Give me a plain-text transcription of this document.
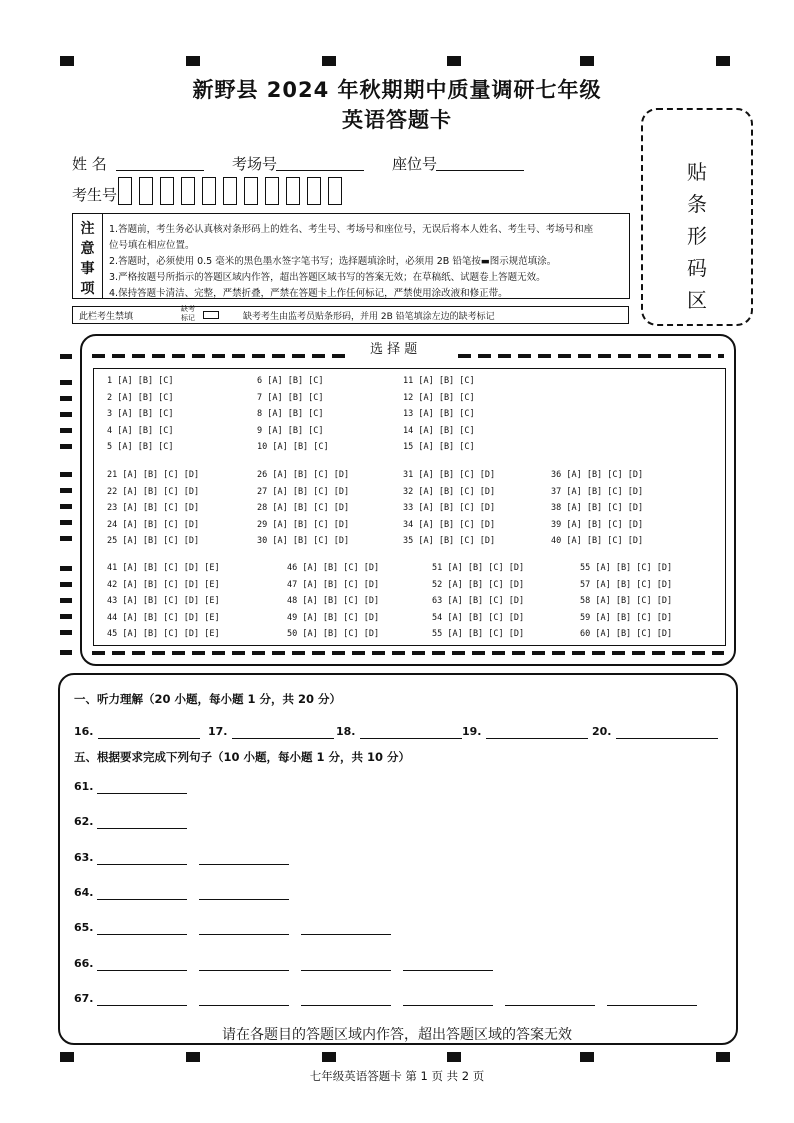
新野县 2024 年秋期期中质量调研七年级
英语答题卡
姓 名	考场号	座位号
考生号
注
意
事
项
1.答题前，考生务必认真核对条形码上的姓名、考生号、考场号和座位号，无误后将本人姓名、考生号、考场号和座
位号填在相应位置。
2.答题时，必须使用 0.5 毫米的黑色墨水签字笔书写；选择题填涂时，必须用 2B 铅笔按▬图示规范填涂。
3.严格按题号所指示的答题区域内作答，超出答题区域书写的答案无效；在草稿纸、试题卷上答题无效。
4.保持答题卡清洁、完整，严禁折叠，严禁在答题卡上作任何标记，严禁使用涂改液和修正带。
贴
条
形
码
区
此栏考生禁填
缺考
标记	缺考考生由监考员贴条形码，并用 2B 铅笔填涂左边的缺考标记
选 择 题
1 [A] [B] [C]	6 [A] [B] [C]	11 [A] [B] [C]
2 [A] [B] [C]	7 [A] [B] [C]	12 [A] [B] [C]
3 [A] [B] [C]	8 [A] [B] [C]	13 [A] [B] [C]
4 [A] [B] [C]	9 [A] [B] [C]	14 [A] [B] [C]
5 [A] [B] [C]	10 [A] [B] [C]	15 [A] [B] [C]
21 [A] [B] [C] [D]	26 [A] [B] [C] [D]	31 [A] [B] [C] [D]	36 [A] [B] [C] [D]
22 [A] [B] [C] [D]	27 [A] [B] [C] [D]	32 [A] [B] [C] [D]	37 [A] [B] [C] [D]
23 [A] [B] [C] [D]	28 [A] [B] [C] [D]	33 [A] [B] [C] [D]	38 [A] [B] [C] [D]
24 [A] [B] [C] [D]	29 [A] [B] [C] [D]	34 [A] [B] [C] [D]	39 [A] [B] [C] [D]
25 [A] [B] [C] [D]	30 [A] [B] [C] [D]	35 [A] [B] [C] [D]	40 [A] [B] [C] [D]
41 [A] [B] [C] [D] [E]	46 [A] [B] [C] [D]	51 [A] [B] [C] [D]	55 [A] [B] [C] [D]
42 [A] [B] [C] [D] [E]	47 [A] [B] [C] [D]	52 [A] [B] [C] [D]	57 [A] [B] [C] [D]
43 [A] [B] [C] [D] [E]	48 [A] [B] [C] [D]	63 [A] [B] [C] [D]	58 [A] [B] [C] [D]
44 [A] [B] [C] [D] [E]	49 [A] [B] [C] [D]	54 [A] [B] [C] [D]	59 [A] [B] [C] [D]
45 [A] [B] [C] [D] [E]	50 [A] [B] [C] [D]	55 [A] [B] [C] [D]	60 [A] [B] [C] [D]
一、听力理解（20 小题，每小题 1 分，共 20 分）
16.	17.	18.	19.	20.
五、根据要求完成下列句子（10 小题，每小题 1 分，共 10 分）
61.
62.
63.
64.
65.
66.
67.
请在各题目的答题区域内作答，超出答题区域的答案无效
七年级英语答题卡 第 1 页 共 2 页
